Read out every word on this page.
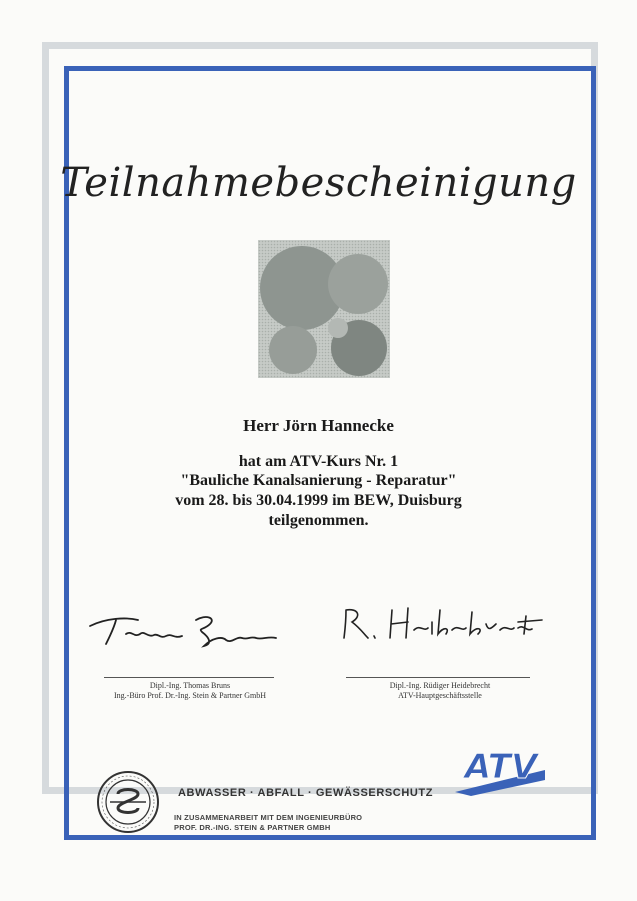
Teilnahmebescheinigung
Herr Jörn Hannecke
hat am ATV-Kurs Nr. 1
"Bauliche Kanalsanierung - Reparatur"
vom 28. bis 30.04.1999 im BEW, Duisburg
teilgenommen.
Dipl.-Ing. Thomas Bruns
Ing.-Büro Prof. Dr.-Ing. Stein & Partner GmbH
Dipl.-Ing. Rüdiger Heidebrecht
ATV-Hauptgeschäftsstelle
ATV
ABWASSER · ABFALL · GEWÄSSERSCHUTZ
IN ZUSAMMENARBEIT MIT DEM INGENIEURBÜRO
PROF. DR.-ING. STEIN & PARTNER GMBH
